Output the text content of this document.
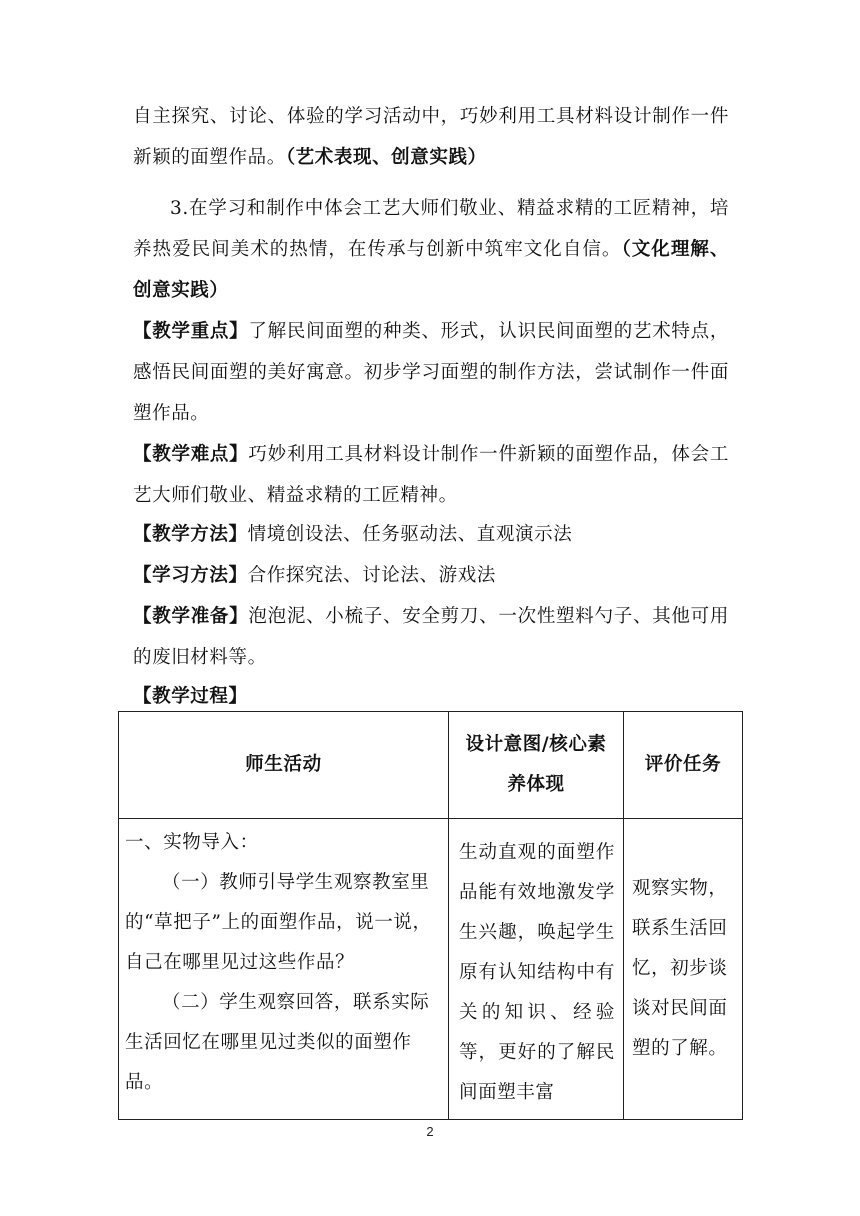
自主探究、讨论、体验的学习活动中，巧妙利用工具材料设计制作一件新颖的面塑作品。（艺术表现、创意实践）
3.在学习和制作中体会工艺大师们敬业、精益求精的工匠精神，培养热爱民间美术的热情，在传承与创新中筑牢文化自信。（文化理解、创意实践）
【教学重点】了解民间面塑的种类、形式，认识民间面塑的艺术特点，感悟民间面塑的美好寓意。初步学习面塑的制作方法，尝试制作一件面塑作品。
【教学难点】巧妙利用工具材料设计制作一件新颖的面塑作品，体会工艺大师们敬业、精益求精的工匠精神。
【教学方法】情境创设法、任务驱动法、直观演示法
【学习方法】合作探究法、讨论法、游戏法
【教学准备】泡泡泥、小梳子、安全剪刀、一次性塑料勺子、其他可用的废旧材料等。
【教学过程】
师生活动	设计意图/核心素养体现	评价任务

一、实物导入：
（一）教师引导学生观察教室里的“草把子”上的面塑作品，说一说，自己在哪里见过这些作品？
（二）学生观察回答，联系实际生活回忆在哪里见过类似的面塑作品。	生动直观的面塑作品能有效地激发学生兴趣，唤起学生原有认知结构中有关的知识、经验等，更好的了解民间面塑丰富	观察实物，联系生活回忆，初步谈谈对民间面塑的了解。
2
